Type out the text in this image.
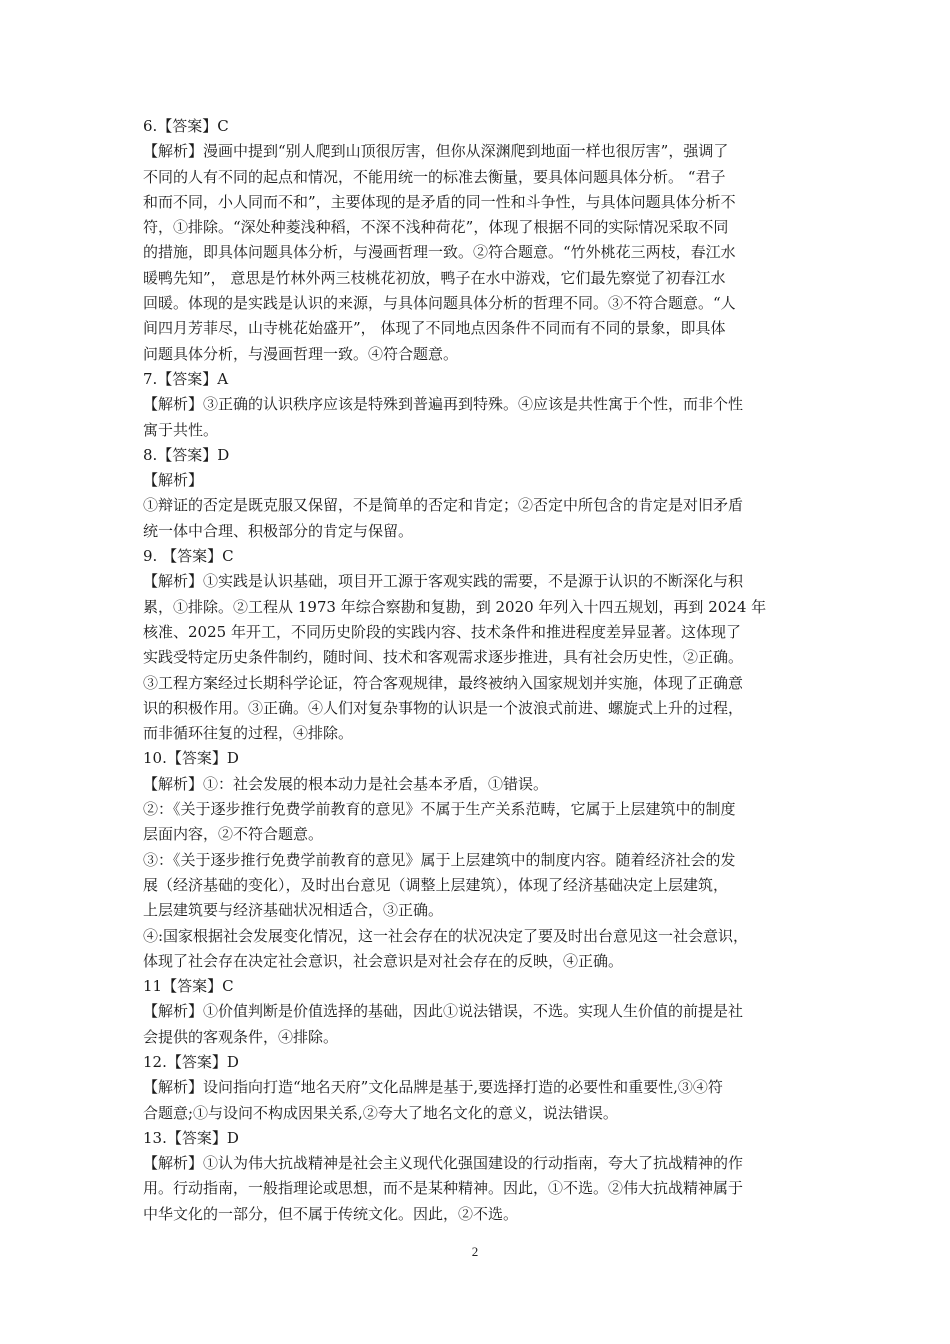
6.【答案】C

【解析】漫画中提到“别人爬到山顶很厉害，但你从深渊爬到地面一样也很厉害”，强调了

不同的人有不同的起点和情况，不能用统一的标准去衡量，要具体问题具体分析。 “君子

和而不同，小人同而不和”，主要体现的是矛盾的同一性和斗争性，与具体问题具体分析不

符，①排除。“深处种菱浅种稻，不深不浅种荷花”，体现了根据不同的实际情况采取不同

的措施，即具体问题具体分析，与漫画哲理一致。②符合题意。“竹外桃花三两枝，春江水

暖鸭先知”， 意思是竹林外两三枝桃花初放，鸭子在水中游戏，它们最先察觉了初春江水

回暖。体现的是实践是认识的来源，与具体问题具体分析的哲理不同。③不符合题意。“人

间四月芳菲尽，山寺桃花始盛开”， 体现了不同地点因条件不同而有不同的景象，即具体

问题具体分析，与漫画哲理一致。④符合题意。

7.【答案】A

【解析】③正确的认识秩序应该是特殊到普遍再到特殊。④应该是共性寓于个性，而非个性

寓于共性。

8.【答案】D

【解析】

①辩证的否定是既克服又保留，不是简单的否定和肯定；②否定中所包含的肯定是对旧矛盾

统一体中合理、积极部分的肯定与保留。

9. 【答案】C

【解析】①实践是认识基础，项目开工源于客观实践的需要，不是源于认识的不断深化与积

累，①排除。②工程从 1973 年综合察勘和复勘，到 2020 年列入十四五规划，再到 2024 年

核准、2025 年开工，不同历史阶段的实践内容、技术条件和推进程度差异显著。这体现了

实践受特定历史条件制约，随时间、技术和客观需求逐步推进，具有社会历史性，②正确。

③工程方案经过长期科学论证，符合客观规律，最终被纳入国家规划并实施，体现了正确意

识的积极作用。③正确。④人们对复杂事物的认识是一个波浪式前进、螺旋式上升的过程，

而非循环往复的过程，④排除。

10.【答案】D

【解析】①：社会发展的根本动力是社会基本矛盾，①错误。

②：《关于逐步推行免费学前教育的意见》不属于生产关系范畴，它属于上层建筑中的制度

层面内容，②不符合题意。

③：《关于逐步推行免费学前教育的意见》属于上层建筑中的制度内容。随着经济社会的发

展（经济基础的变化），及时出台意见（调整上层建筑），体现了经济基础决定上层建筑，

上层建筑要与经济基础状况相适合，③正确。

④:国家根据社会发展变化情况，这一社会存在的状况决定了要及时出台意见这一社会意识，

体现了社会存在决定社会意识，社会意识是对社会存在的反映，④正确。

11【答案】C

【解析】①价值判断是价值选择的基础，因此①说法错误，不选。实现人生价值的前提是社

会提供的客观条件，④排除。

12.【答案】D

【解析】设问指向打造“地名天府”文化品牌是基于,要选择打造的必要性和重要性,③④符

合题意;①与设问不构成因果关系,②夸大了地名文化的意义，说法错误。

13.【答案】D

【解析】①认为伟大抗战精神是社会主义现代化强国建设的行动指南，夸大了抗战精神的作

用。行动指南，一般指理论或思想，而不是某种精神。因此，①不选。②伟大抗战精神属于

中华文化的一部分，但不属于传统文化。因此，②不选。

2
